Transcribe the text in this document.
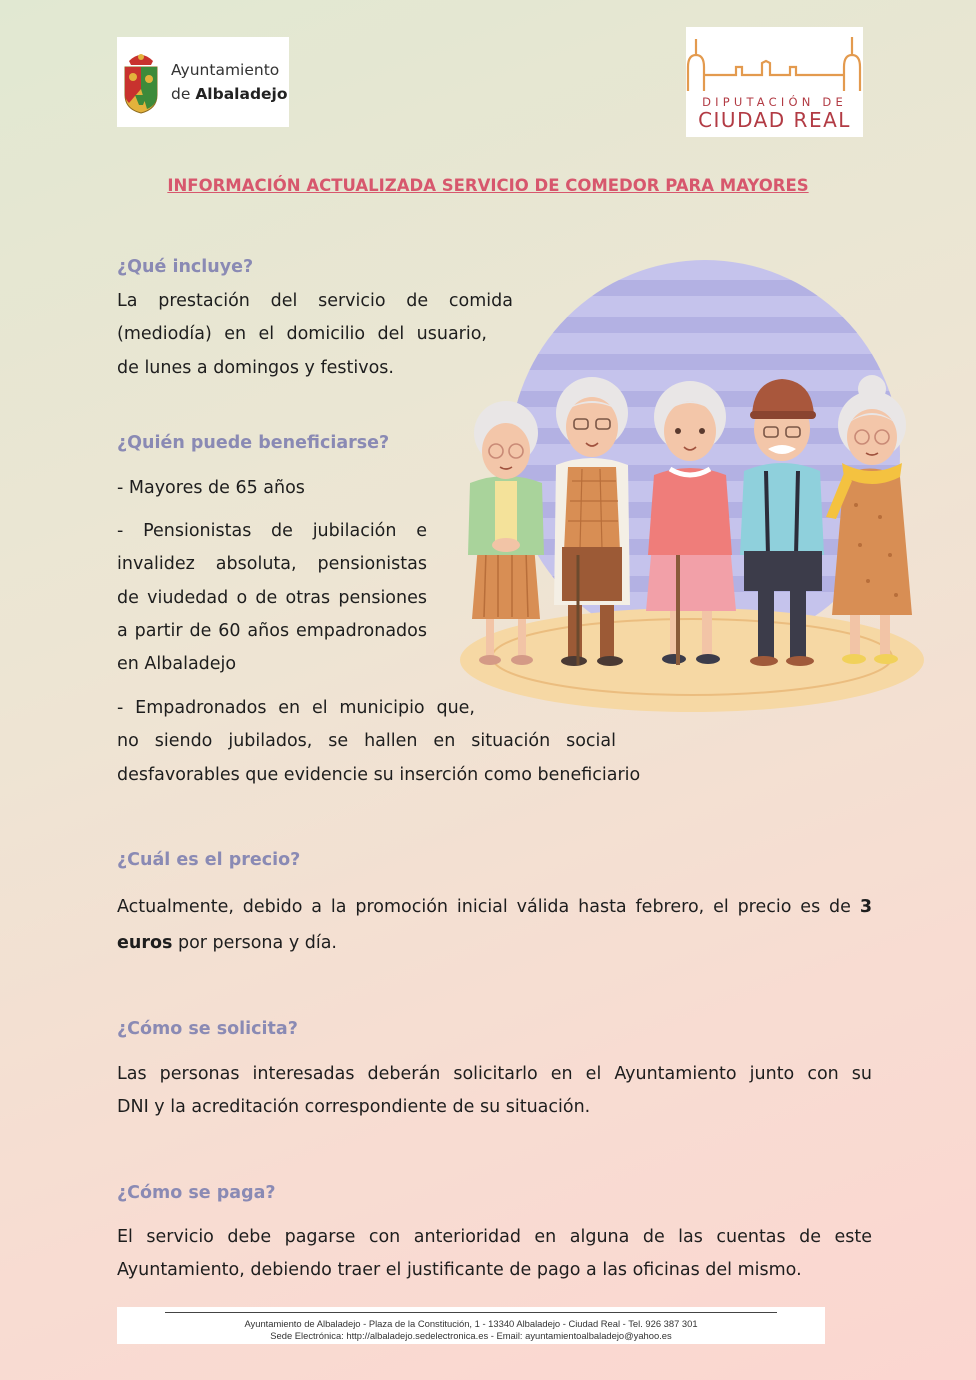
Ayuntamiento
de Albaladejo	DIPUTACIÓN DE
CIUDAD REAL
INFORMACIÓN ACTUALIZADA SERVICIO DE COMEDOR PARA MAYORES
¿Qué incluye?
La prestación del servicio de comida
(mediodía) en el domicilio del usuario,
de lunes a domingos y festivos.
¿Quién puede beneficiarse?
- Mayores de 65 años
- Pensionistas de jubilación e
invalidez absoluta, pensionistas
de viudedad o de otras pensiones
a partir de 60 años empadronados
en Albaladejo
- Empadronados en el municipio que,
no siendo jubilados, se hallen en situación social
desfavorables que evidencie su inserción como beneficiario
¿Cuál es el precio?
Actualmente, debido a la promoción inicial válida hasta febrero, el precio es de 3
euros por persona y día.
¿Cómo se solicita?
Las personas interesadas deberán solicitarlo en el Ayuntamiento junto con su
DNI y la acreditación correspondiente de su situación.
¿Cómo se paga?
El servicio debe pagarse con anterioridad en alguna de las cuentas de este
Ayuntamiento, debiendo traer el justificante de pago a las oficinas del mismo.
Ayuntamiento de Albaladejo - Plaza de la Constitución, 1 - 13340 Albaladejo - Ciudad Real - Tel. 926 387 301
Sede Electrónica: http://albaladejo.sedelectronica.es - Email: ayuntamientoalbaladejo@yahoo.es
